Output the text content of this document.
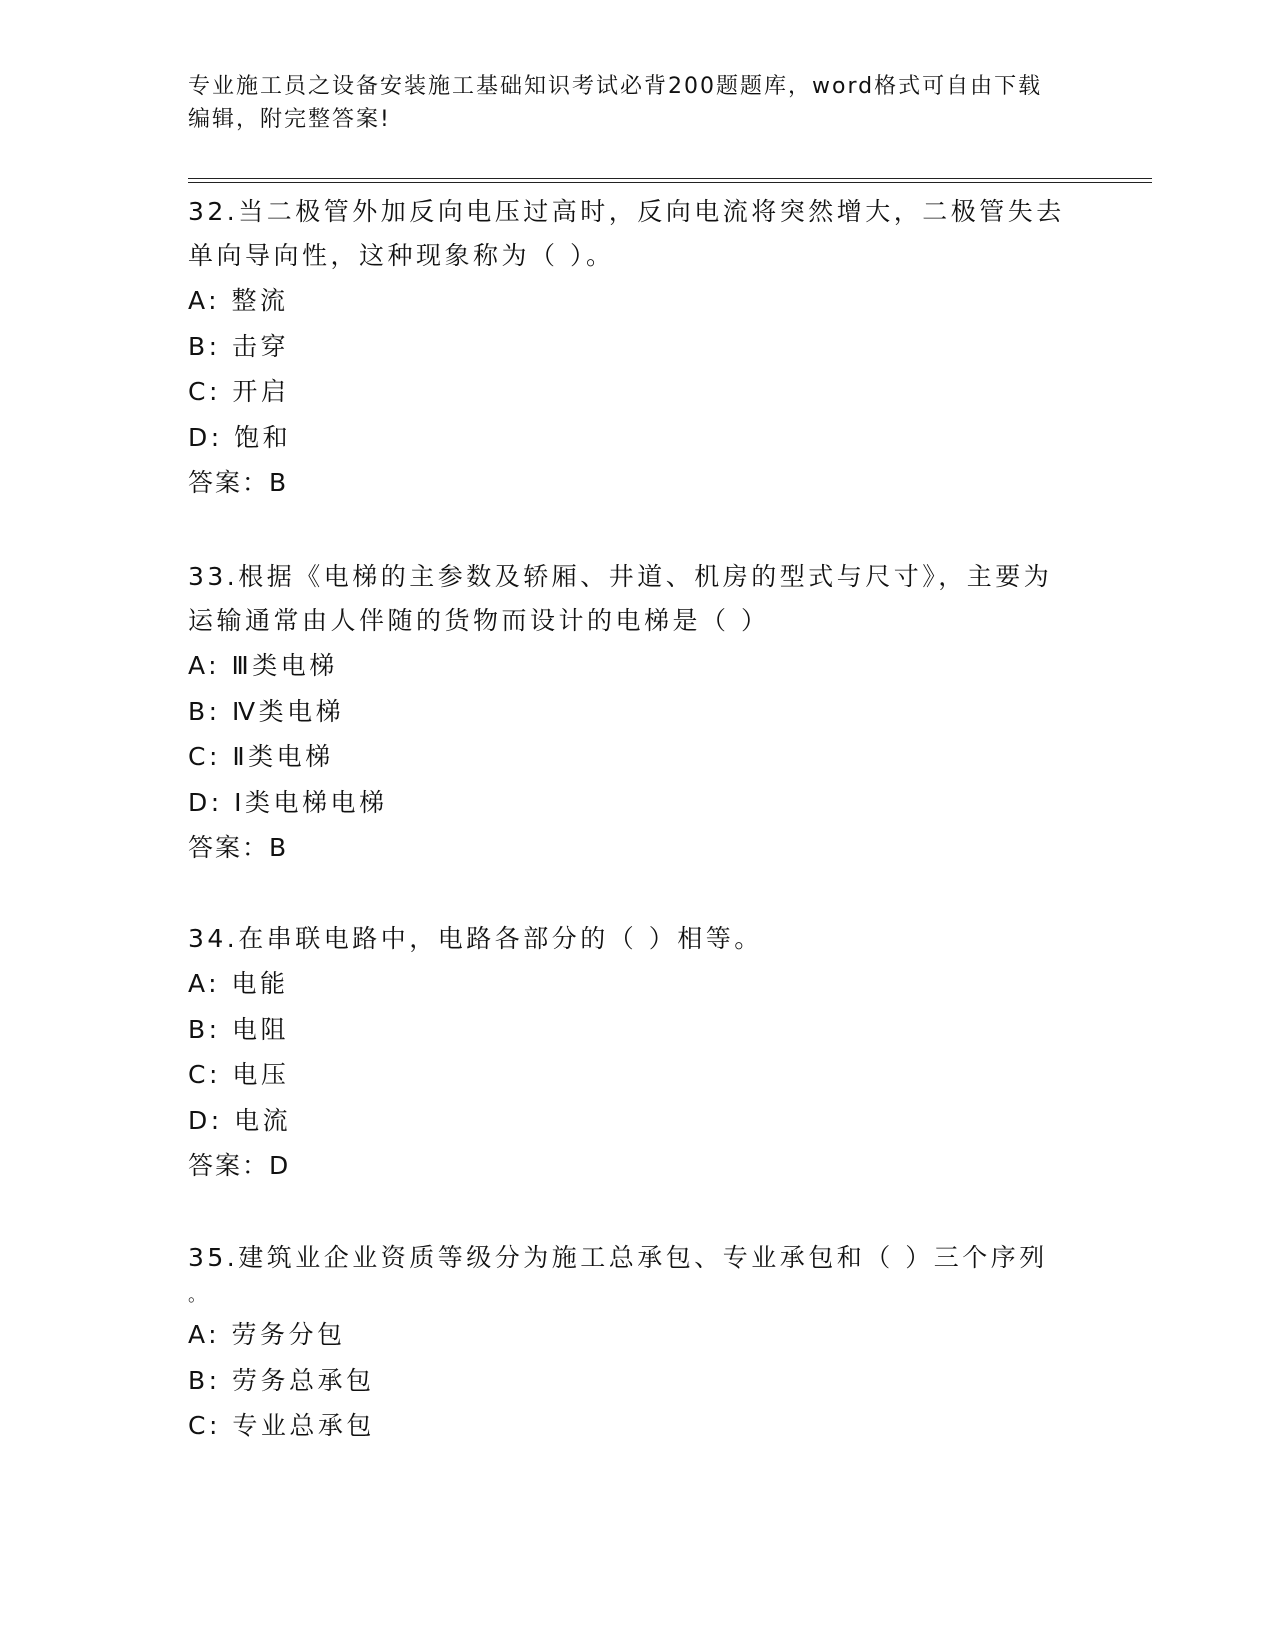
专业施工员之设备安装施工基础知识考试必背200题题库，word格式可自由下载
编辑，附完整答案!
32.当二极管外加反向电压过高时，反向电流将突然增大，二极管失去
单向导向性，这种现象称为（ ）。
A: 整流
B: 击穿
C: 开启
D: 饱和
答案：B
33.根据《电梯的主参数及轿厢、井道、机房的型式与尺寸》，主要为
运输通常由人伴随的货物而设计的电梯是（ ）
A: Ⅲ类电梯
B: Ⅳ类电梯
C: Ⅱ类电梯
D: Ⅰ类电梯电梯
答案：B
34.在串联电路中，电路各部分的（ ）相等。
A: 电能
B: 电阻
C: 电压
D: 电流
答案：D
35.建筑业企业资质等级分为施工总承包、专业承包和（ ）三个序列
。
A: 劳务分包
B: 劳务总承包
C: 专业总承包
